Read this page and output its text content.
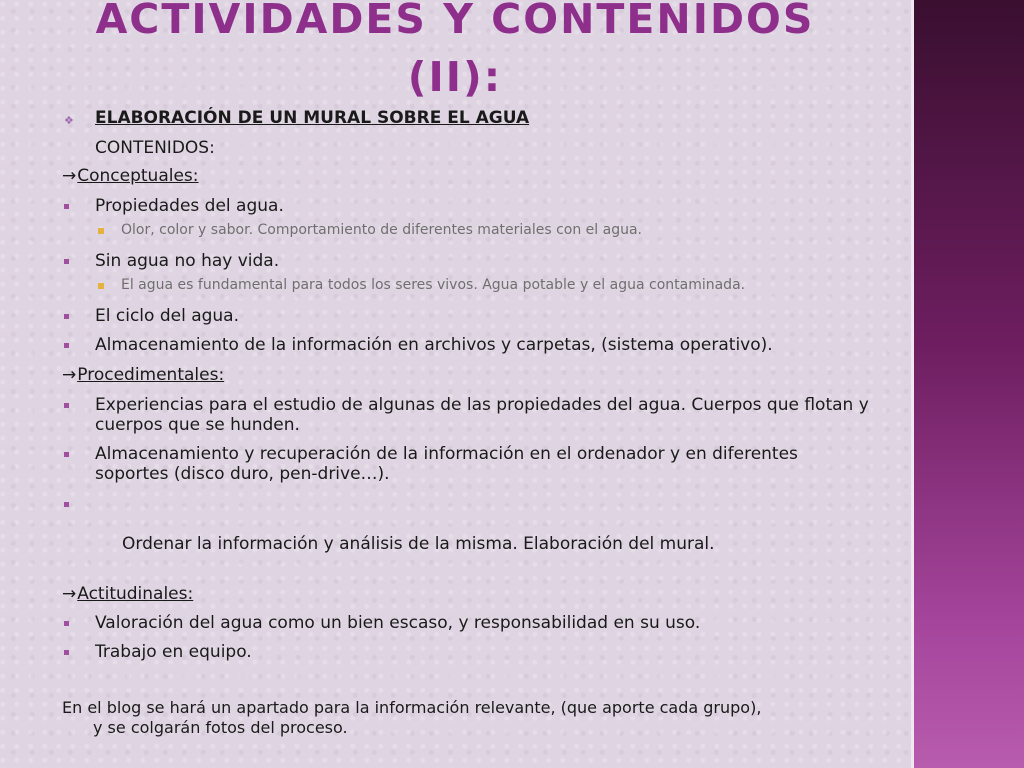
ACTIVIDADES Y CONTENIDOS
(II):
❖ ELABORACIÓN DE UN MURAL SOBRE EL AGUA
CONTENIDOS:
→Conceptuales:
Propiedades del agua.
Olor, color y sabor. Comportamiento de diferentes materiales con el agua.
Sin agua no hay vida.
El agua es fundamental para todos los seres vivos. Agua potable y el agua contaminada.
El ciclo del agua.
Almacenamiento de la información en archivos y carpetas, (sistema operativo).
→Procedimentales:
Experiencias para el estudio de algunas de las propiedades del agua. Cuerpos que flotan y cuerpos que se hunden.
Almacenamiento y recuperación de la información en el ordenador y en diferentes soportes (disco duro, pen-drive…).

Ordenar la información y análisis de la misma. Elaboración del mural.

→Actitudinales:
Valoración del agua como un bien escaso, y responsabilidad en su uso.
Trabajo en equipo.
En el blog se hará un apartado para la información relevante, (que aporte cada grupo),
y se colgarán fotos del proceso.
